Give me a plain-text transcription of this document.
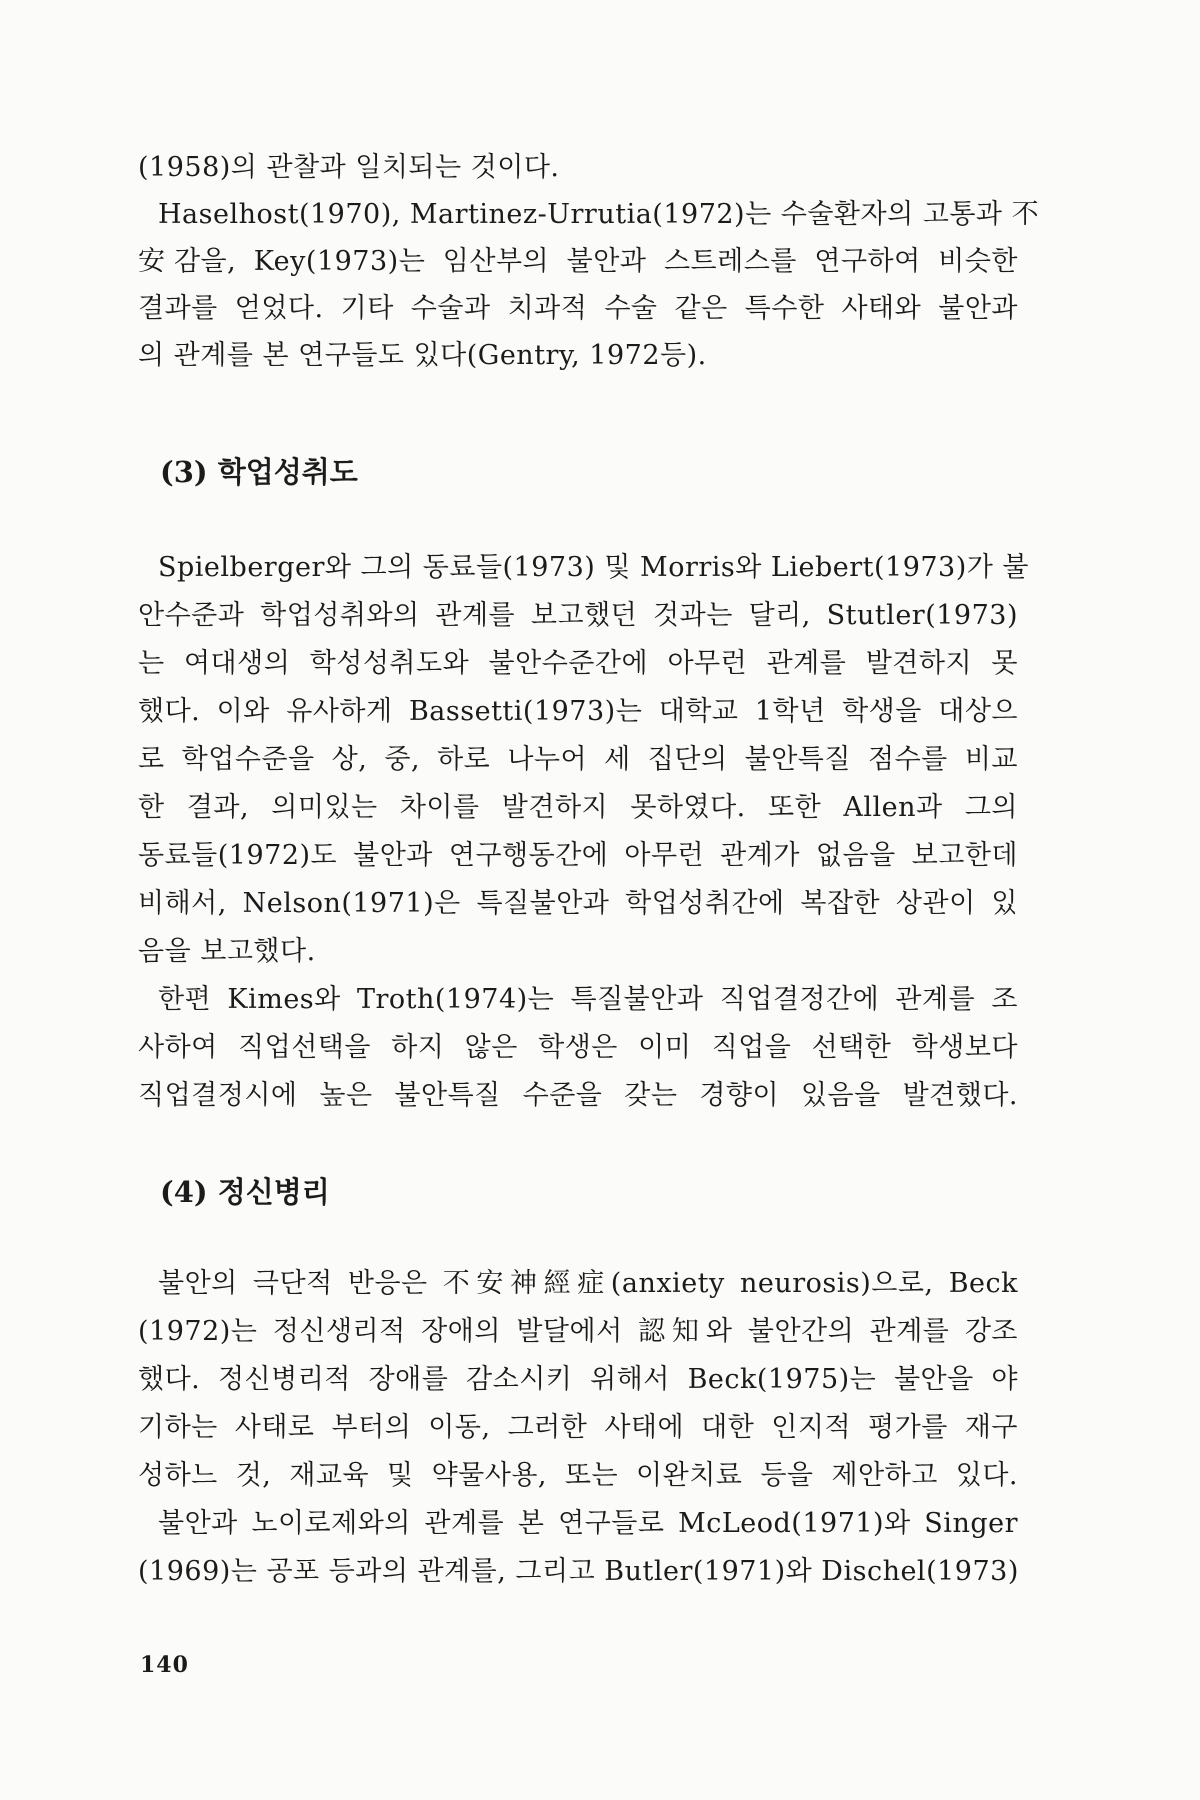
(1958)의 관찰과 일치되는 것이다.
Haselhost(1970), Martinez-Urrutia(1972)는 수술환자의 고통과 不
安감을, Key(1973)는 임산부의 불안과 스트레스를 연구하여 비슷한
결과를 얻었다. 기타 수술과 치과적 수술 같은 특수한 사태와 불안과
의 관계를 본 연구들도 있다(Gentry, 1972등).
(3) 학업성취도
Spielberger와 그의 동료들(1973) 및 Morris와 Liebert(1973)가 불
안수준과 학업성취와의 관계를 보고했던 것과는 달리, Stutler(1973)
는 여대생의 학성성취도와 불안수준간에 아무런 관계를 발견하지 못
했다. 이와 유사하게 Bassetti(1973)는 대학교 1학년 학생을 대상으
로 학업수준을 상, 중, 하로 나누어 세 집단의 불안특질 점수를 비교
한 결과, 의미있는 차이를 발견하지 못하였다. 또한 Allen과 그의
동료들(1972)도 불안과 연구행동간에 아무런 관계가 없음을 보고한데
비해서, Nelson(1971)은 특질불안과 학업성취간에 복잡한 상관이 있
음을 보고했다.
한편 Kimes와 Troth(1974)는 특질불안과 직업결정간에 관계를 조
사하여 직업선택을 하지 않은 학생은 이미 직업을 선택한 학생보다
직업결정시에 높은 불안특질 수준을 갖는 경향이 있음을 발견했다.
(4) 정신병리
불안의 극단적 반응은 不安神經症(anxiety neurosis)으로, Beck
(1972)는 정신생리적 장애의 발달에서 認知와 불안간의 관계를 강조
했다. 정신병리적 장애를 감소시키 위해서 Beck(1975)는 불안을 야
기하는 사태로 부터의 이동, 그러한 사태에 대한 인지적 평가를 재구
성하느 것, 재교육 및 약물사용, 또는 이완치료 등을 제안하고 있다.
불안과 노이로제와의 관계를 본 연구들로 McLeod(1971)와 Singer
(1969)는 공포 등과의 관계를, 그리고 Butler(1971)와 Dischel(1973)
140
